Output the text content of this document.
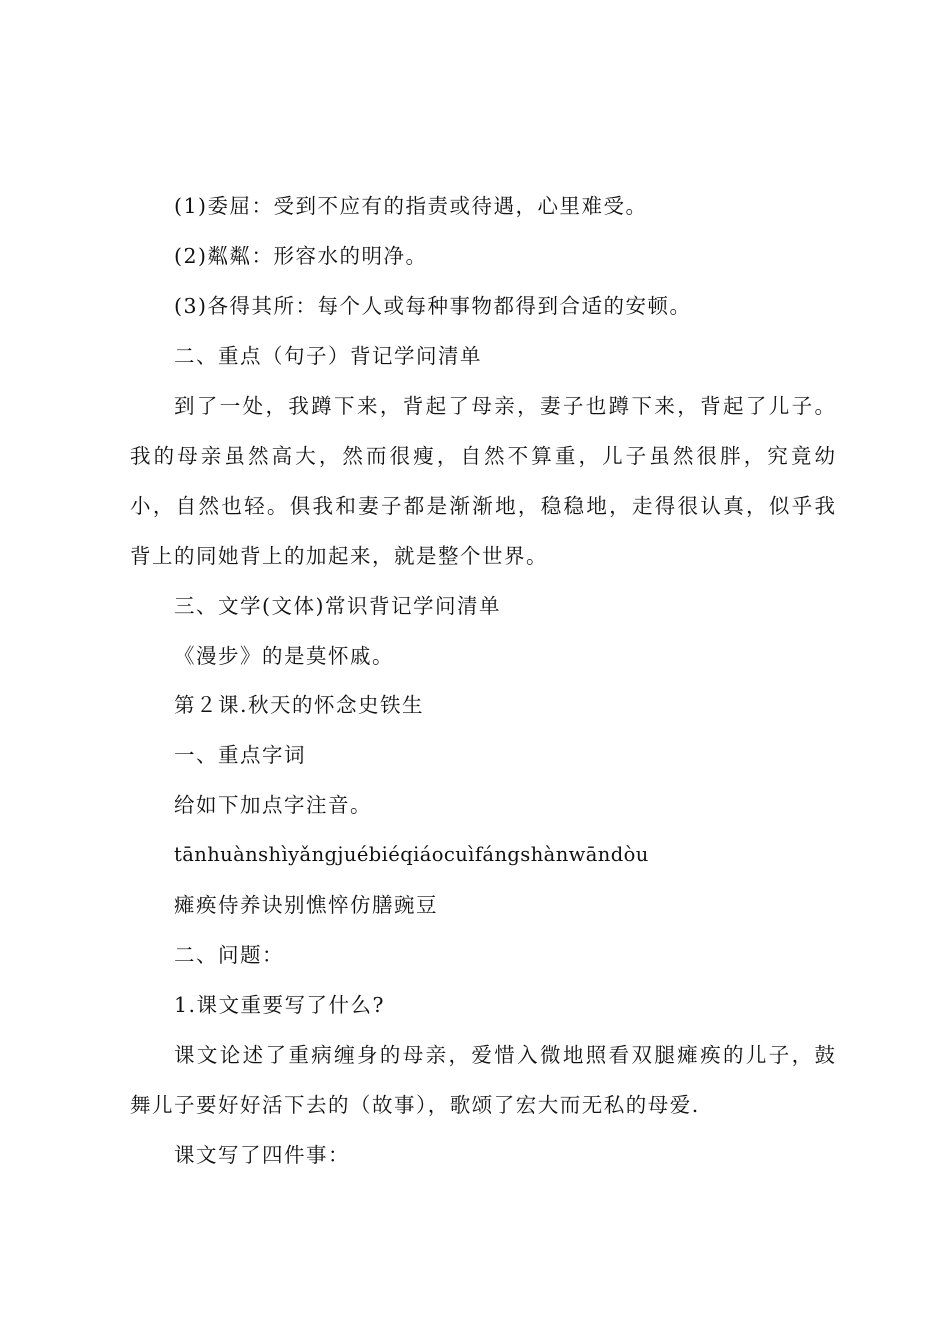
(1)委屈：受到不应有的指责或待遇，心里难受。
(2)粼粼：形容水的明净。
(3)各得其所：每个人或每种事物都得到合适的安顿。
二、重点（句子）背记学问清单
到了一处，我蹲下来，背起了母亲，妻子也蹲下来，背起了儿子。
我的母亲虽然高大，然而很瘦，自然不算重，儿子虽然很胖，究竟幼
小，自然也轻。俱我和妻子都是渐渐地，稳稳地，走得很认真，似乎我
背上的同她背上的加起来，就是整个世界。
三、文学(文体)常识背记学问清单
《漫步》的是莫怀戚。
第２课.秋天的怀念史铁生
一、重点字词
给如下加点字注音。
tānhuànshìyǎngjuébiéqiáocuìfángshànwāndòu
瘫痪侍养诀别憔悴仿膳豌豆
二、问题：
1.课文重要写了什么?
课文论述了重病缠身的母亲，爱惜入微地照看双腿瘫痪的儿子，鼓
舞儿子要好好活下去的（故事），歌颂了宏大而无私的母爱.
课文写了四件事：
